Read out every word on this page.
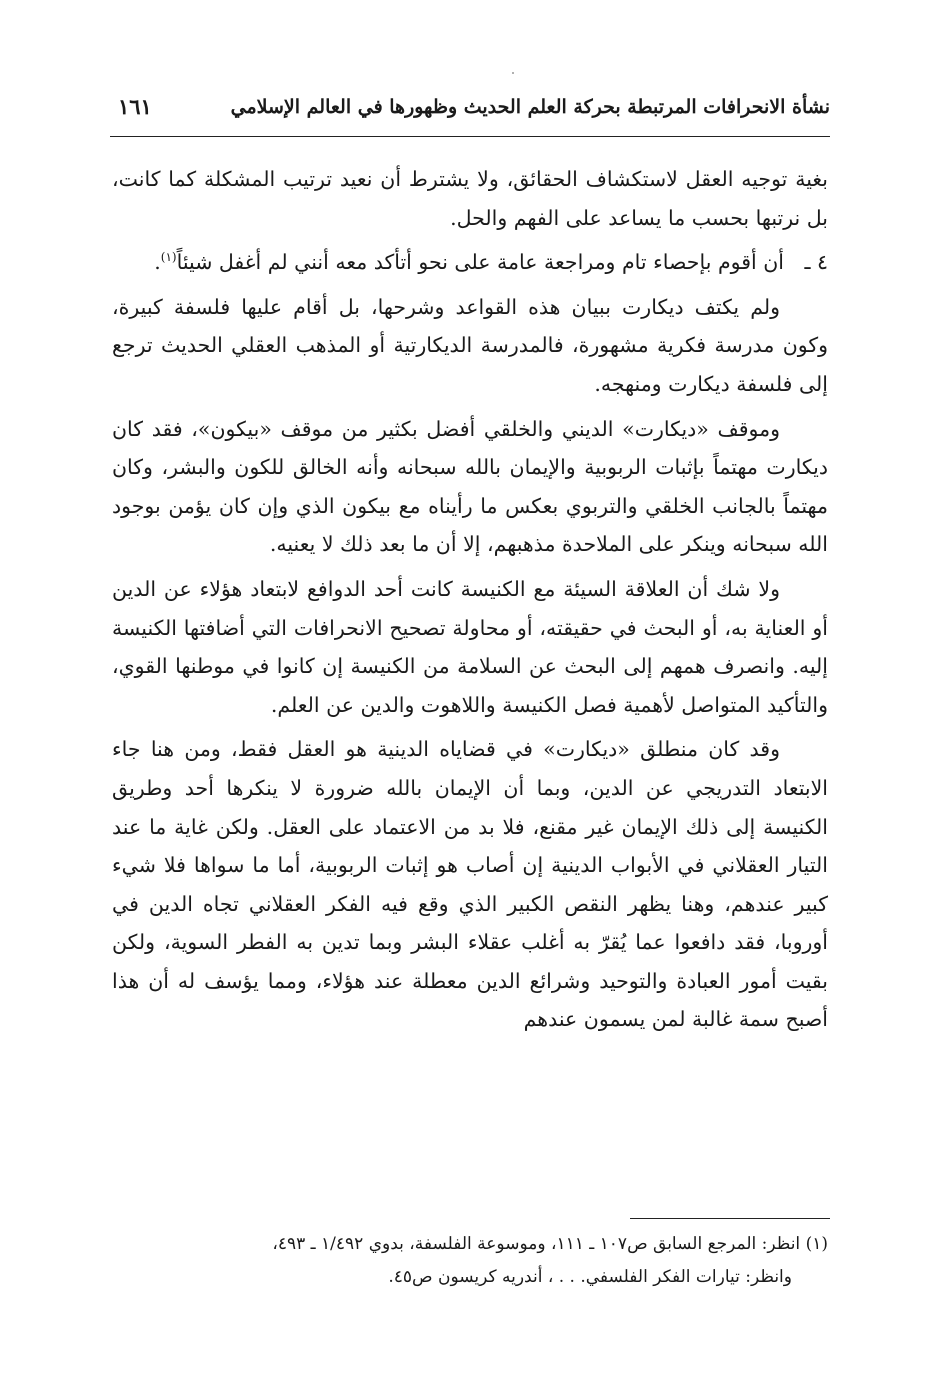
نشأة الانحرافات المرتبطة بحركة العلم الحديث وظهورها في العالم الإسلامي
١٦١

بغية توجيه العقل لاستكشاف الحقائق، ولا يشترط أن نعيد ترتيب المشكلة كما كانت، بل نرتبها بحسب ما يساعد على الفهم والحل.

٤ ـ
أن أقوم بإحصاء تام ومراجعة عامة على نحو أتأكد معه أنني لم أغفل شيئاً$^{(١)}$.

ولم يكتف ديكارت ببيان هذه القواعد وشرحها، بل أقام عليها فلسفة كبيرة، وكون مدرسة فكرية مشهورة، فالمدرسة الديكارتية أو المذهب العقلي الحديث ترجع إلى فلسفة ديكارت ومنهجه.

وموقف «ديكارت» الديني والخلقي أفضل بكثير من موقف «بيكون»، فقد كان ديكارت مهتماً بإثبات الربوبية والإيمان بالله سبحانه وأنه الخالق للكون والبشر، وكان مهتماً بالجانب الخلقي والتربوي بعكس ما رأيناه مع بيكون الذي وإن كان يؤمن بوجود الله سبحانه وينكر على الملاحدة مذهبهم، إلا أن ما بعد ذلك لا يعنيه.

ولا شك أن العلاقة السيئة مع الكنيسة كانت أحد الدوافع لابتعاد هؤلاء عن الدين أو العناية به، أو البحث في حقيقته، أو محاولة تصحيح الانحرافات التي أضافتها الكنيسة إليه. وانصرف همهم إلى البحث عن السلامة من الكنيسة إن كانوا في موطنها القوي، والتأكيد المتواصل لأهمية فصل الكنيسة واللاهوت والدين عن العلم.

وقد كان منطلق «ديكارت» في قضاياه الدينية هو العقل فقط، ومن هنا جاء الابتعاد التدريجي عن الدين، وبما أن الإيمان بالله ضرورة لا ينكرها أحد وطريق الكنيسة إلى ذلك الإيمان غير مقنع، فلا بد من الاعتماد على العقل. ولكن غاية ما عند التيار العقلاني في الأبواب الدينية إن أصاب هو إثبات الربوبية، أما ما سواها فلا شيء كبير عندهم، وهنا يظهر النقص الكبير الذي وقع فيه الفكر العقلاني تجاه الدين في أوروبا، فقد دافعوا عما يُقرّ به أغلب عقلاء البشر وبما تدين به الفطر السوية، ولكن بقيت أمور العبادة والتوحيد وشرائع الدين معطلة عند هؤلاء، ومما يؤسف له أن هذا أصبح سمة غالبة لمن يسمون عندهم

(١) انظر: المرجع السابق ص١٠٧ ـ ١١١، وموسوعة الفلسفة، بدوي ١/٤٩٢ ـ ٤٩٣،
وانظر: تيارات الفكر الفلسفي. . . ، أندريه كريسون ص٤٥.
